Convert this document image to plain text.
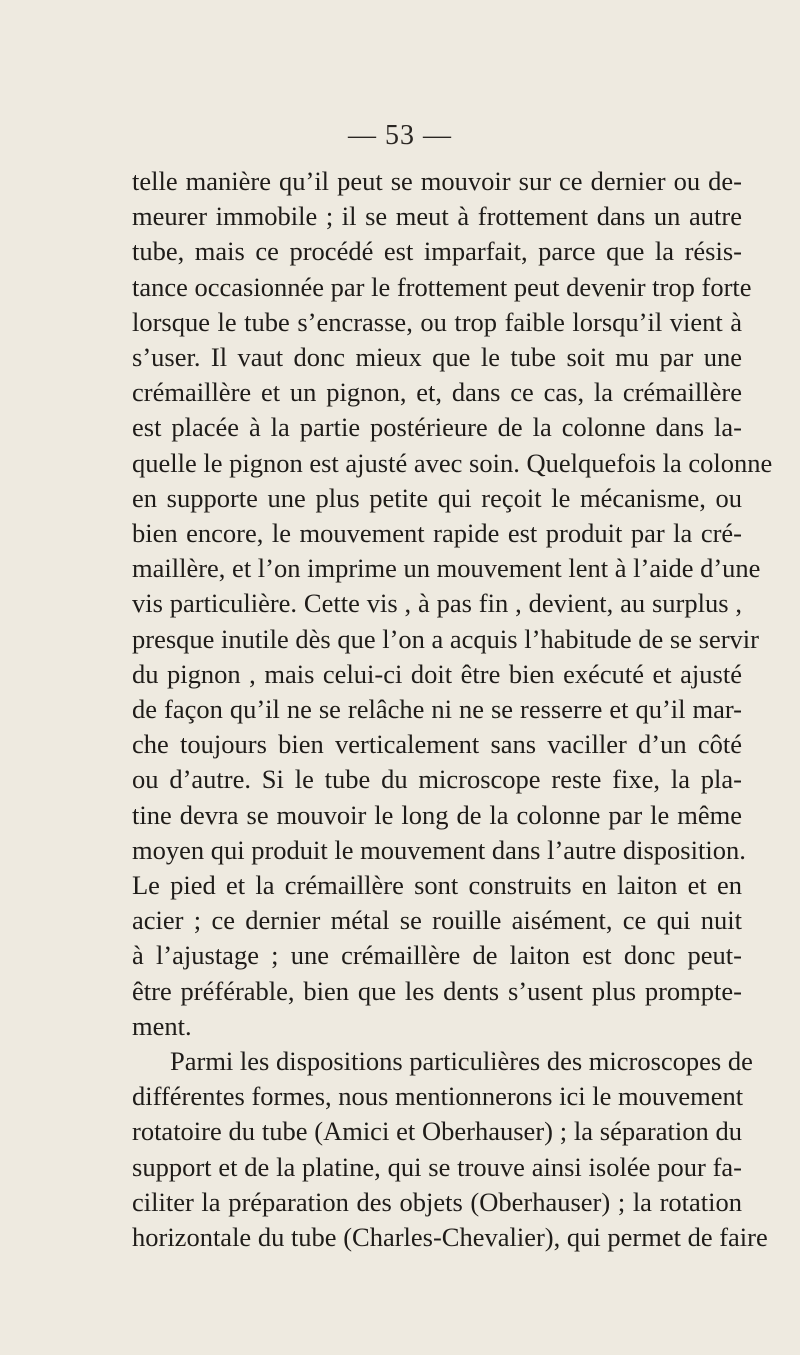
— 53 —
telle manière qu’il peut se mouvoir sur ce dernier ou de-
meurer immobile ; il se meut à frottement dans un autre
tube, mais ce procédé est imparfait, parce que la résis-
tance occasionnée par le frottement peut devenir trop forte
lorsque le tube s’encrasse, ou trop faible lorsqu’il vient à
s’user. Il vaut donc mieux que le tube soit mu par une
crémaillère et un pignon, et, dans ce cas, la crémaillère
est placée à la partie postérieure de la colonne dans la-
quelle le pignon est ajusté avec soin. Quelquefois la colonne
en supporte une plus petite qui reçoit le mécanisme, ou
bien encore, le mouvement rapide est produit par la cré-
maillère, et l’on imprime un mouvement lent à l’aide d’une
vis particulière. Cette vis , à pas fin , devient, au surplus ,
presque inutile dès que l’on a acquis l’habitude de se servir
du pignon , mais celui-ci doit être bien exécuté et ajusté
de façon qu’il ne se relâche ni ne se resserre et qu’il mar-
che toujours bien verticalement sans vaciller d’un côté
ou d’autre. Si le tube du microscope reste fixe, la pla-
tine devra se mouvoir le long de la colonne par le même
moyen qui produit le mouvement dans l’autre disposition.
Le pied et la crémaillère sont construits en laiton et en
acier ; ce dernier métal se rouille aisément, ce qui nuit
à l’ajustage ; une crémaillère de laiton est donc peut-
être préférable, bien que les dents s’usent plus prompte-
ment.
Parmi les dispositions particulières des microscopes de
différentes formes, nous mentionnerons ici le mouvement
rotatoire du tube (Amici et Oberhauser) ; la séparation du
support et de la platine, qui se trouve ainsi isolée pour fa-
ciliter la préparation des objets (Oberhauser) ; la rotation
horizontale du tube (Charles-Chevalier), qui permet de faire
